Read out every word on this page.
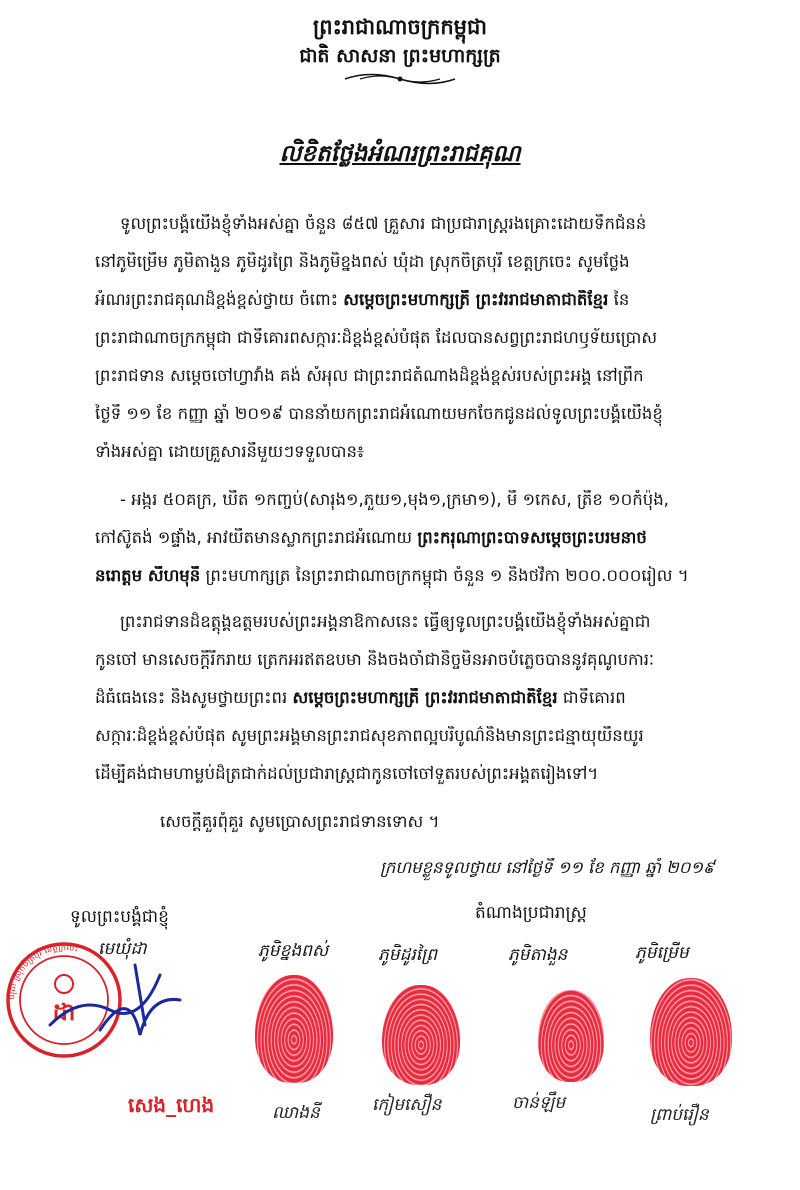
ព្រះរាជាណាចក្រកម្ពុជា
ជាតិ សាសនា ព្រះមហាក្សត្រ
លិខិតថ្លែងអំណរព្រះរាជគុណ
ទូលព្រះបង្គំយើងខ្ញុំទាំងអស់គ្នា ចំនួន ៨៥៧ គ្រួសារ ជាប្រជារាស្ត្ររងគ្រោះដោយទឹកជំនន់
នៅភូមិម្រើម ភូមិតាងួន ភូមិដូរព្រៃ និងភូមិខ្នងពស់ ឃុំដា ស្រុកចិត្របុរី ខេត្តក្រចេះ សូមថ្លែង
អំណរព្រះរាជគុណដ៏ខ្ពង់ខ្ពស់ថ្វាយ ចំពោះ សម្តេចព្រះមហាក្សត្រី ព្រះវររាជមាតាជាតិខ្មែរ នៃ
ព្រះរាជាណាចក្រកម្ពុជា ជាទីគោរពសក្ការៈដ៏ខ្ពង់ខ្ពស់បំផុត ដែលបានសព្វព្រះរាជហឫទ័យប្រោស
ព្រះរាជទាន សម្តេចចៅហ្វាវាំង គង់ សំអុល ជាព្រះរាជតំណាងដ៏ខ្ពង់ខ្ពស់របស់ព្រះអង្គ នៅព្រឹក
ថ្ងៃទី ១១ ខែ កញ្ញា ឆ្នាំ ២០១៩ បាននាំយកព្រះរាជអំណោយមកចែកជូនដល់ទូលព្រះបង្គំយើងខ្ញុំ
ទាំងអស់គ្នា ដោយគ្រួសារនីមួយៗទទួលបាន៖
- អង្ករ ៥០គក្រ, ឃីត ១កញ្ចប់(សារុង១,ភួយ១,មុង១,ក្រមា១), មី ១កេស, ត្រីខ ១០កំប៉ុង,
កៅស៊ូតង់ ១ផ្ទាំង, អាវយឺតមានស្លាកព្រះរាជអំណោយ ព្រះករុណាព្រះបាទសម្តេចព្រះបរមនាថ
នរោត្តម សីហមុនី ព្រះមហាក្សត្រ នៃព្រះរាជាណាចក្រកម្ពុជា ចំនួន ១ និងថវិកា ២០០.០០០រៀល ។
ព្រះរាជទានដ៏ឧត្តុង្គឧត្តមរបស់ព្រះអង្គនាឱកាសនេះ ធ្វើឲ្យទូលព្រះបង្គំយើងខ្ញុំទាំងអស់គ្នាជា
កូនចៅ មានសេចក្តីរីករាយ ត្រេកអរឥតឧបមា និងចងចាំជានិច្ចមិនអាចបំភ្លេចបាននូវគុណូបការៈ
ដ៏ធំធេងនេះ និងសូមថ្វាយព្រះពរ សម្តេចព្រះមហាក្សត្រី ព្រះវររាជមាតាជាតិខ្មែរ ជាទីគោរព
សក្ការៈដ៏ខ្ពង់ខ្ពស់បំផុត សូមព្រះអង្គមានព្រះរាជសុខភាពល្អបរិបូណ៌និងមានព្រះជន្មាយុយឺនយូរ
ដើម្បីគង់ជាមហាម្លប់ដ៏ត្រជាក់ដល់ប្រជារាស្ត្រជាកូនចៅចៅទួតរបស់ព្រះអង្គតរៀងទៅ។
សេចក្តីគួរពុំគួរ សូមប្រោសព្រះរាជទានទោស ។
ក្រហមខ្លួនទូលថ្វាយ នៅថ្ងៃទី ១១ ខែ កញ្ញា ឆ្នាំ ២០១៩
ទូលព្រះបង្គំជាខ្ញុំ	តំណាងប្រជារាស្ត្រ
មេឃុំដា	ភូមិខ្នងពស់	ភូមិដូរព្រៃ	ភូមិតាងួន	ភូមិម្រើម
ឃុំដា ស្រុកចិត្របុរី ខេត្តក្រចេះ
ដា
សេង_ហេង	ឈាងនី	កៀមសឿន	ចាន់ឡឹម
ព្រាប់រឿន
